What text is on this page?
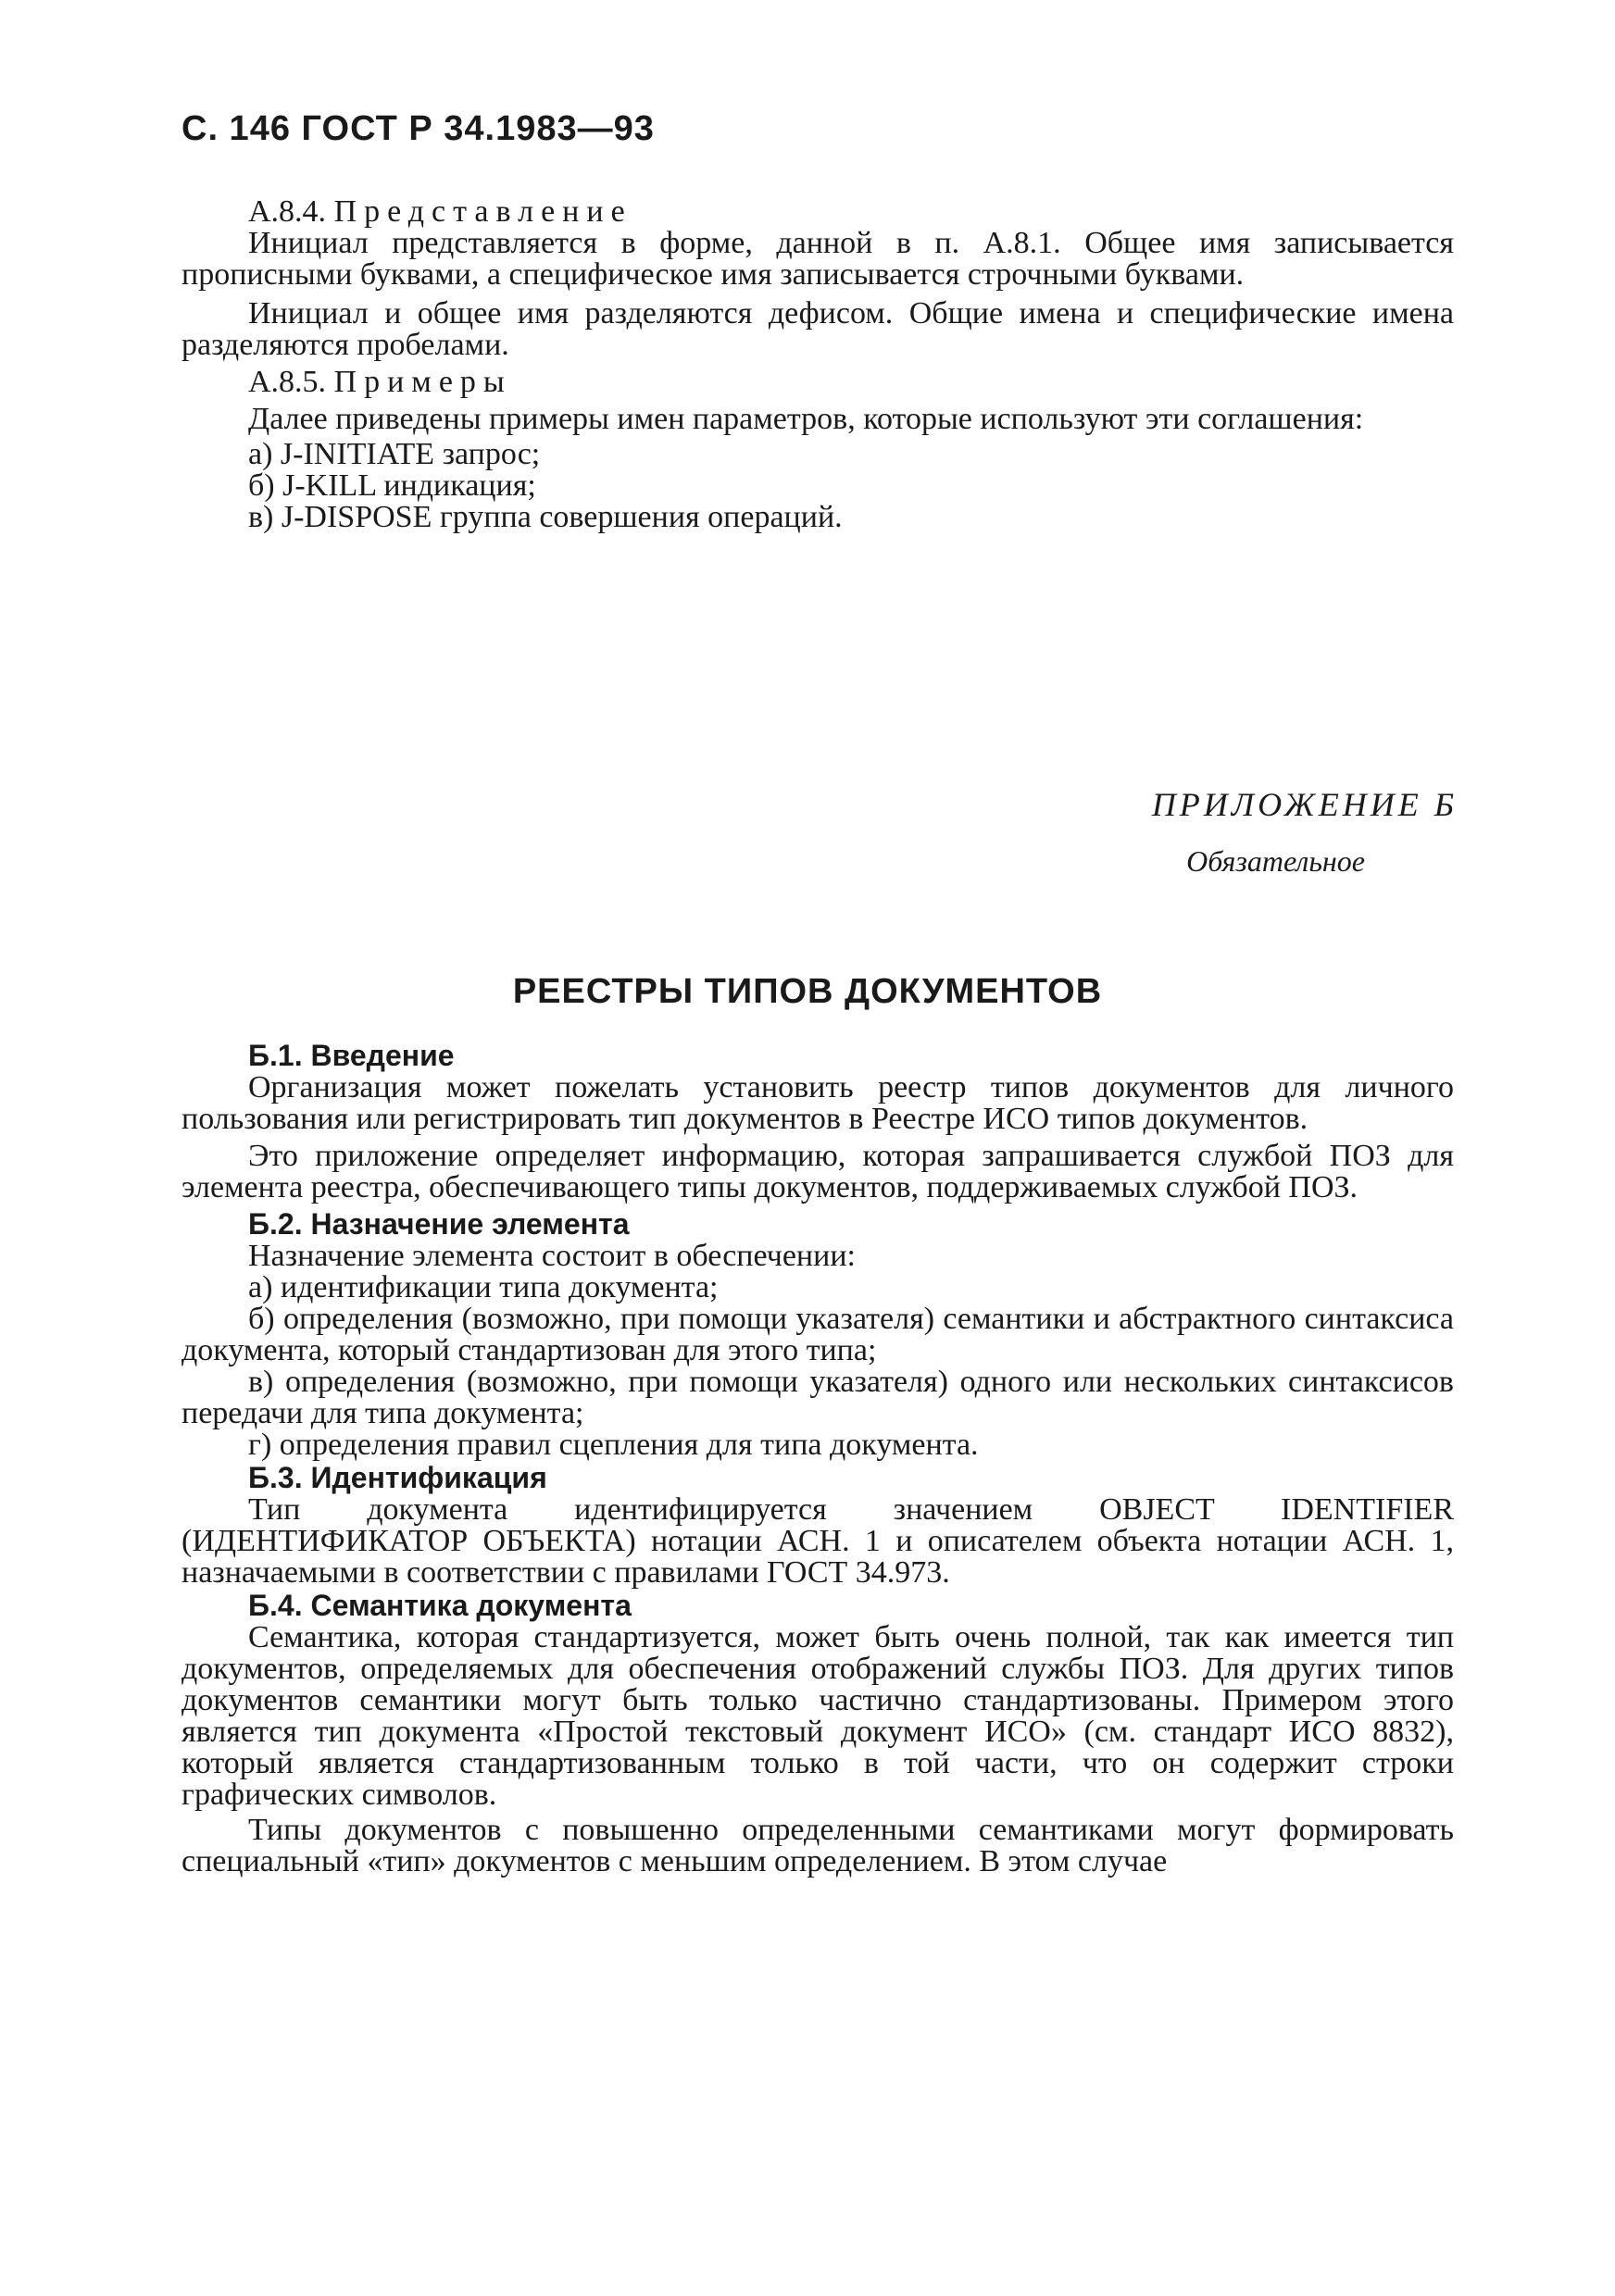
С. 146 ГОСТ Р 34.1983—93

А.8.4. Представление

Инициал представляется в форме, данной в п. А.8.1. Общее имя записывается прописными буквами, а специфическое имя записывается строчными буквами.

Инициал и общее имя разделяются дефисом. Общие имена и специфические имена разделяются пробелами.

А.8.5. Примеры

Далее приведены примеры имен параметров, которые используют эти соглашения:

а) J-INITIATE запрос;

б) J-KILL индикация;

в) J-DISPOSE группа совершения операций.

ПРИЛОЖЕНИЕ Б
Обязательное
РЕЕСТРЫ ТИПОВ ДОКУМЕНТОВ

Б.1. Введение

Организация может пожелать установить реестр типов документов для личного пользования или регистрировать тип документов в Реестре ИСО типов документов.

Это приложение определяет информацию, которая запрашивается службой ПОЗ для элемента реестра, обеспечивающего типы документов, поддерживаемых службой ПОЗ.

Б.2. Назначение элемента

Назначение элемента состоит в обеспечении:

а) идентификации типа документа;

б) определения (возможно, при помощи указателя) семантики и абстрактного синтаксиса документа, который стандартизован для этого типа;

в) определения (возможно, при помощи указателя) одного или нескольких синтаксисов передачи для типа документа;

г) определения правил сцепления для типа документа.

Б.3. Идентификация

Тип документа идентифицируется значением OBJECT IDENTIFIER (ИДЕНТИФИКАТОР ОБЪЕКТА) нотации АСН. 1 и описателем объекта нотации АСН. 1, назначаемыми в соответствии с правилами ГОСТ 34.973.

Б.4. Семантика документа

Семантика, которая стандартизуется, может быть очень полной, так как имеется тип документов, определяемых для обеспечения отображений службы ПОЗ. Для других типов документов семантики могут быть только частично стандартизованы. Примером этого является тип документа «Простой текстовый документ ИСО» (см. стандарт ИСО 8832), который является стандартизованным только в той части, что он содержит строки графических символов.

Типы документов с повышенно определенными семантиками могут формировать специальный «тип» документов с меньшим определением. В этом случае
